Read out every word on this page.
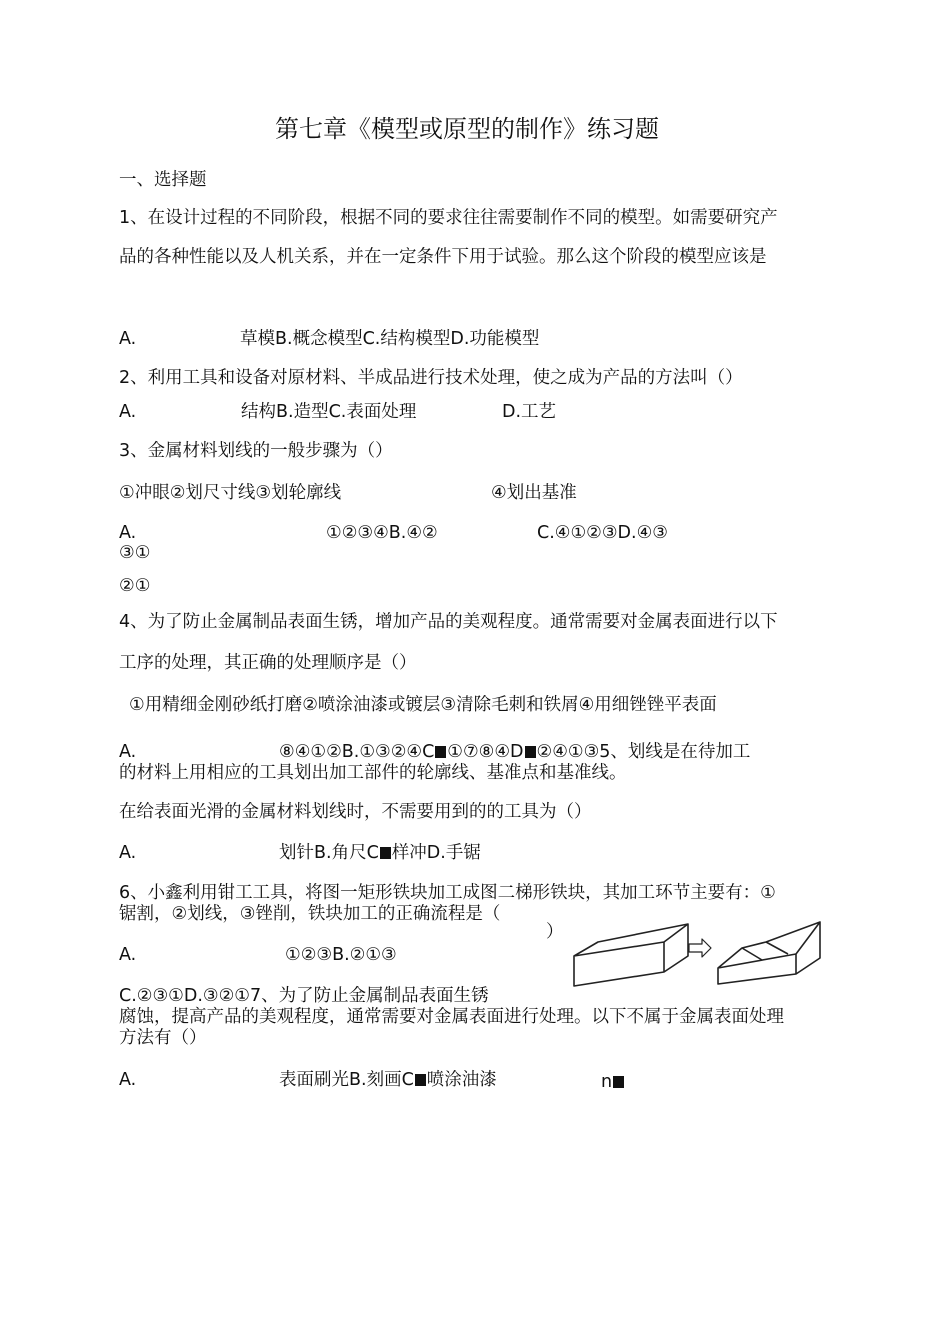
第七章《模型或原型的制作》练习题
一、选择题
1、在设计过程的不同阶段，根据不同的要求往往需要制作不同的模型。如需要研究产
品的各种性能以及人机关系，并在一定条件下用于试验。那么这个阶段的模型应该是
A.	草模B.概念模型C.结构模型D.功能模型
2、利用工具和设备对原材料、半成品进行技术处理，使之成为产品的方法叫（）
A.	结构B.造型C.表面处理	D.工艺
3、金属材料划线的一般步骤为（）
①冲眼②划尺寸线③划轮廓线	④划出基准
A.	①②③④B.④②	C.④①②③D.④③
③①
②①
4、为了防止金属制品表面生锈，增加产品的美观程度。通常需要对金属表面进行以下
工序的处理，其正确的处理顺序是（）
①用精细金刚砂纸打磨②喷涂油漆或镀层③清除毛刺和铁屑④用细锉锉平表面
A.	⑧④①②B.①③②④C ①⑦⑧④D ②④①③5、划线是在待加工
的材料上用相应的工具划出加工部件的轮廓线、基准点和基准线。
在给表面光滑的金属材料划线时，不需要用到的的工具为（）
A.	划针B.角尺C 样冲D.手锯
6、小鑫利用钳工工具，将图一矩形铁块加工成图二梯形铁块，其加工环节主要有：①
锯割，②划线，③锉削，铁块加工的正确流程是（
）
A.	①②③B.②①③
C.②③①D.③②①7、为了防止金属制品表面生锈
腐蚀，提高产品的美观程度，通常需要对金属表面进行处理。以下不属于金属表面处理
方法有（）
A.	表面刷光B.刻画C 喷涂油漆	n
